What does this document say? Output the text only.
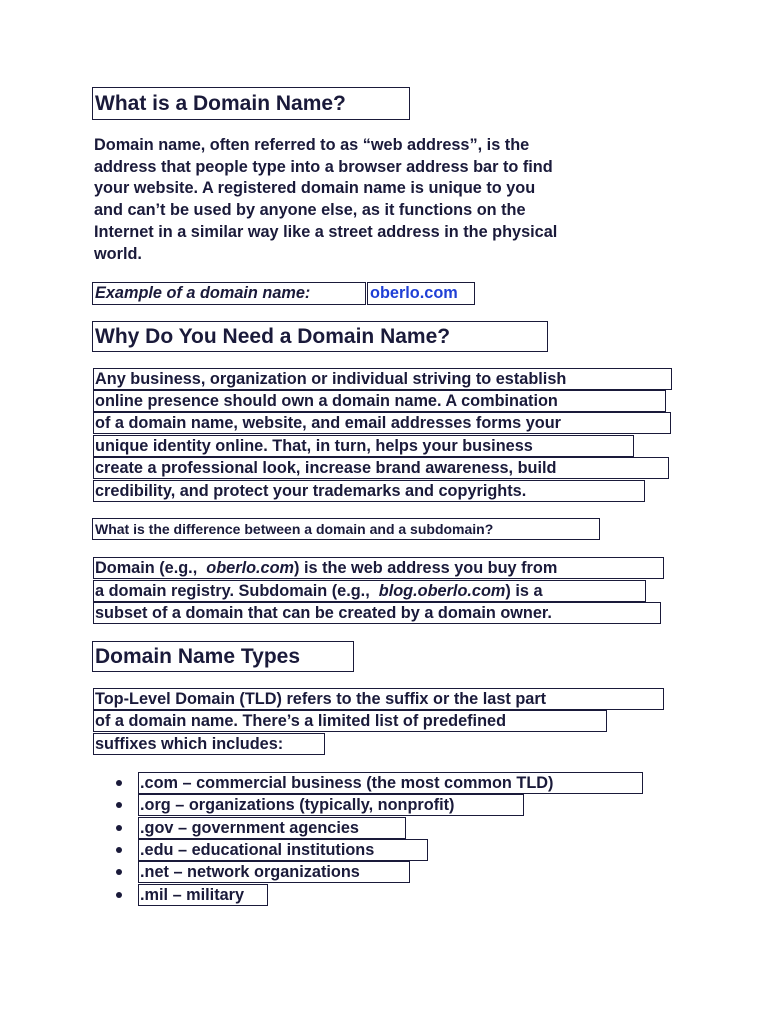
What is a Domain Name?

Domain name, often referred to as “web address”, is the

address that people type into a browser address bar to find

your website. A registered domain name is unique to you

and can’t be used by anyone else, as it functions on the

Internet in a similar way like a street address in the physical

world.

Example of a domain name:	oberlo.com
Why Do You Need a Domain Name?
Any business, organization or individual striving to establish
online presence should own a domain name. A combination
of a domain name, website, and email addresses forms your
unique identity online. That, in turn, helps your business
create a professional look, increase brand awareness, build
credibility, and protect your trademarks and copyrights.
What is the difference between a domain and a subdomain?
Domain (e.g.,  oberlo.com) is the web address you buy from
a domain registry. Subdomain (e.g.,  blog.oberlo.com) is a
subset of a domain that can be created by a domain owner.
Domain Name Types
Top-Level Domain (TLD) refers to the suffix or the last part
of a domain name. There’s a limited list of predefined
suffixes which includes:
.com – commercial business (the most common TLD)
.org – organizations (typically, nonprofit)
.gov – government agencies
.edu – educational institutions
.net – network organizations
.mil – military
